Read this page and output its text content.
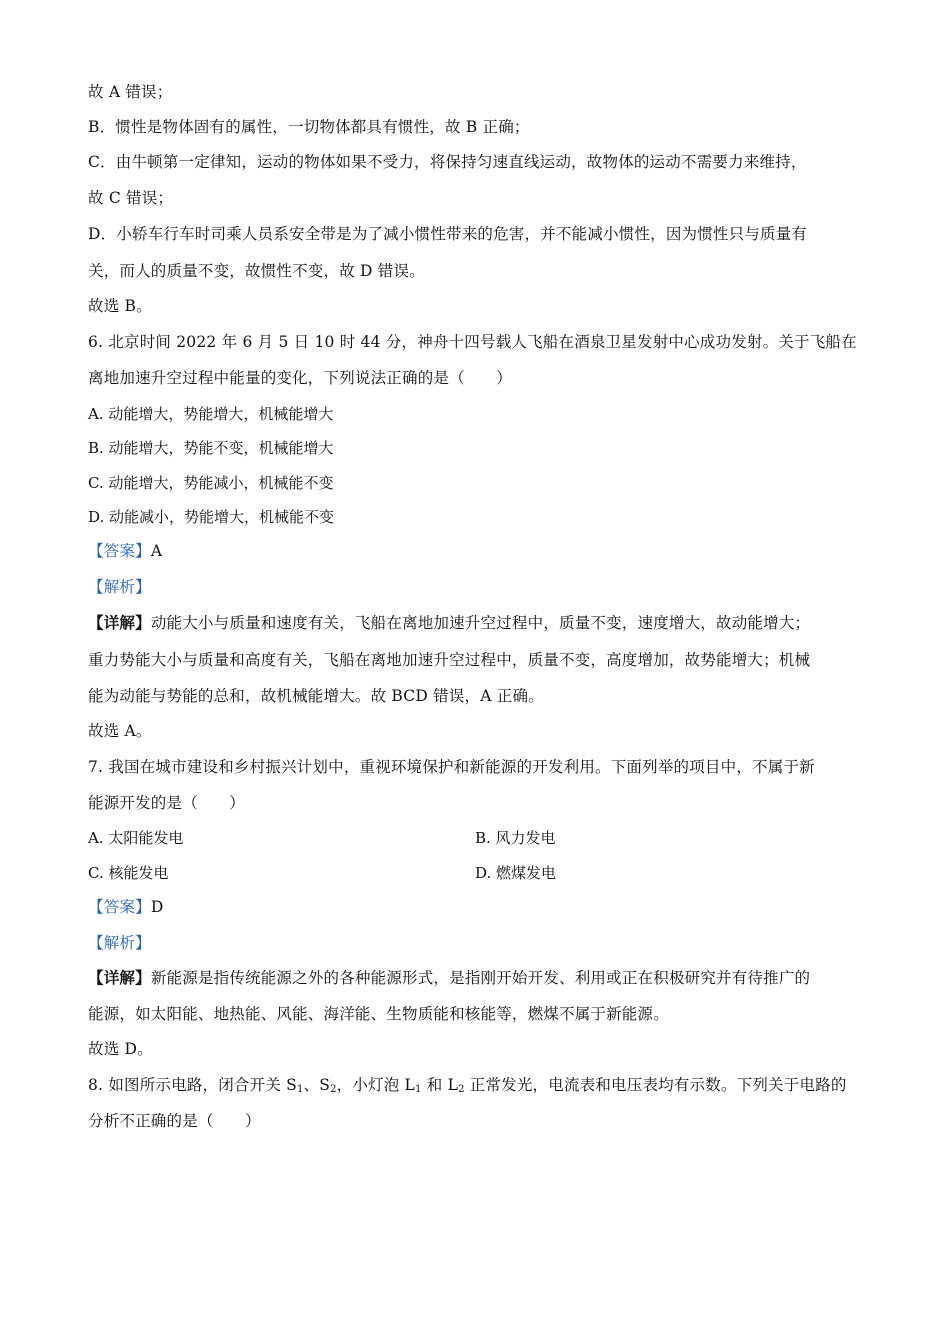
故 A 错误；
B．惯性是物体固有的属性，一切物体都具有惯性，故 B 正确；
C．由牛顿第一定律知，运动的物体如果不受力，将保持匀速直线运动，故物体的运动不需要力来维持，
故 C 错误；
D．小轿车行车时司乘人员系安全带是为了减小惯性带来的危害，并不能减小惯性，因为惯性只与质量有
关，而人的质量不变，故惯性不变，故 D 错误。
故选 B。
6. 北京时间 2022 年 6 月 5 日 10 时 44 分，神舟十四号载人飞船在酒泉卫星发射中心成功发射。关于飞船在
离地加速升空过程中能量的变化，下列说法正确的是（　　）
A. 动能增大，势能增大，机械能增大
B. 动能增大，势能不变，机械能增大
C. 动能增大，势能减小，机械能不变
D. 动能减小，势能增大，机械能不变
【答案】A
【解析】
【详解】动能大小与质量和速度有关，飞船在离地加速升空过程中，质量不变，速度增大，故动能增大；
重力势能大小与质量和高度有关，飞船在离地加速升空过程中，质量不变，高度增加，故势能增大；机械
能为动能与势能的总和，故机械能增大。故 BCD 错误，A 正确。
故选 A。
7. 我国在城市建设和乡村振兴计划中，重视环境保护和新能源的开发利用。下面列举的项目中，不属于新
能源开发的是（　　）
A. 太阳能发电	B. 风力发电
C. 核能发电	D. 燃煤发电
【答案】D
【解析】
【详解】新能源是指传统能源之外的各种能源形式，是指刚开始开发、利用或正在积极研究并有待推广的
能源，如太阳能、地热能、风能、海洋能、生物质能和核能等，燃煤不属于新能源。
故选 D。
8. 如图所示电路，闭合开关 $S_1$、$S_2$，小灯泡 $L_1$ 和 $L_2$ 正常发光，电流表和电压表均有示数。下列关于电路的
分析不正确的是（　　）
